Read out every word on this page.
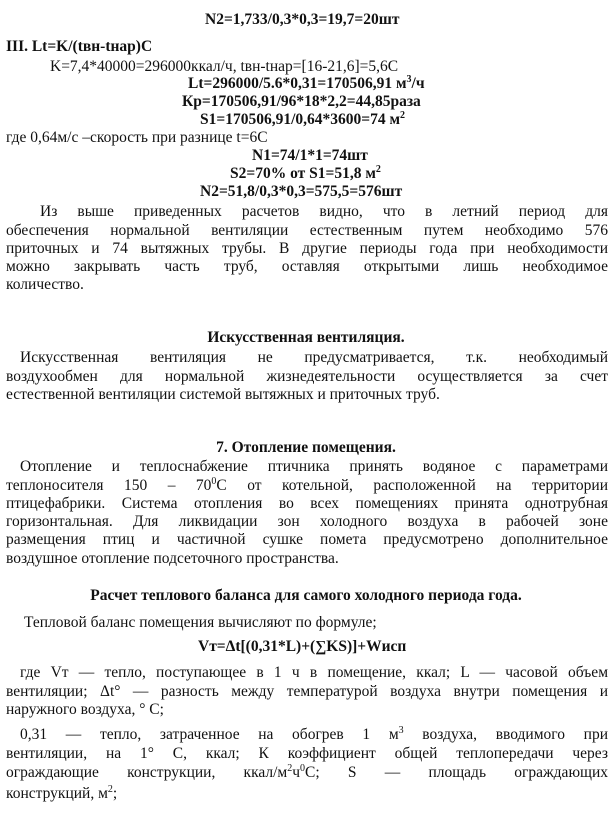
N2=1,733/0,3*0,3=19,7=20шт
III. Lt=K/(tвн-tнар)C
K=7,4*40000=296000ккал/ч, tвн-tнар=[16-21,6]=5,6C
Lt=296000/5.6*0,31=170506,91 $м^3/ч$
Кр=170506,91/96*18*2,2=44,85раза
S1=170506,91/0,64*3600=74 $м^2$
где 0,64м/с –скорость при разнице t=6C
N1=74/1*1=74шт
S2=70% от S1=51,8 $м^2$
N2=51,8/0,3*0,3=575,5=576шт
Из выше приведенных расчетов видно, что в летний период для
обеспечения нормальной вентиляции естественным путем необходимо 576
приточных и 74 вытяжных трубы. В другие периоды года при необходимости
можно закрывать часть труб, оставляя открытыми лишь необходимое
количество.
Искусственная вентиляция.
Искусственная вентиляция не предусматривается, т.к. необходимый
воздухообмен для нормальной жизнедеятельности осуществляется за счет
естественной вентиляции системой вытяжных и приточных труб.
7. Отопление помещения.
Отопление и теплоснабжение птичника принять водяное с параметрами
теплоносителя $150 - 70^0С$ от котельной, расположенной на территории
птицефабрики. Система отопления во всех помещениях принята однотрубная
горизонтальная. Для ликвидации зон холодного воздуха в рабочей зоне
размещения птиц и частичной сушке помета предусмотрено дополнительное
воздушное отопление подсеточного пространства.
Расчет теплового баланса для самого холодного периода года.
Тепловой баланс помещения вычисляют по формуле;
Vт=Δt[(0,31*L)+(∑KS)]+Wисп
где Vт — тепло, поступающее в 1 ч в помещение, ккал; L — часовой объем
вентиляции; Δt° — разность между температурой воздуха внутри помещения и
наружного воздуха, ° С;
0,31 — тепло, затраченное на обогрев 1 $м^3$ воздуха, вводимого при
вентиляции, на 1° С, ккал; К коэффициент общей теплопередачи через
ограждающие конструкции, ккал/$м^2ч^0С$; S — площадь ограждающих
конструкций, $м^2$;
